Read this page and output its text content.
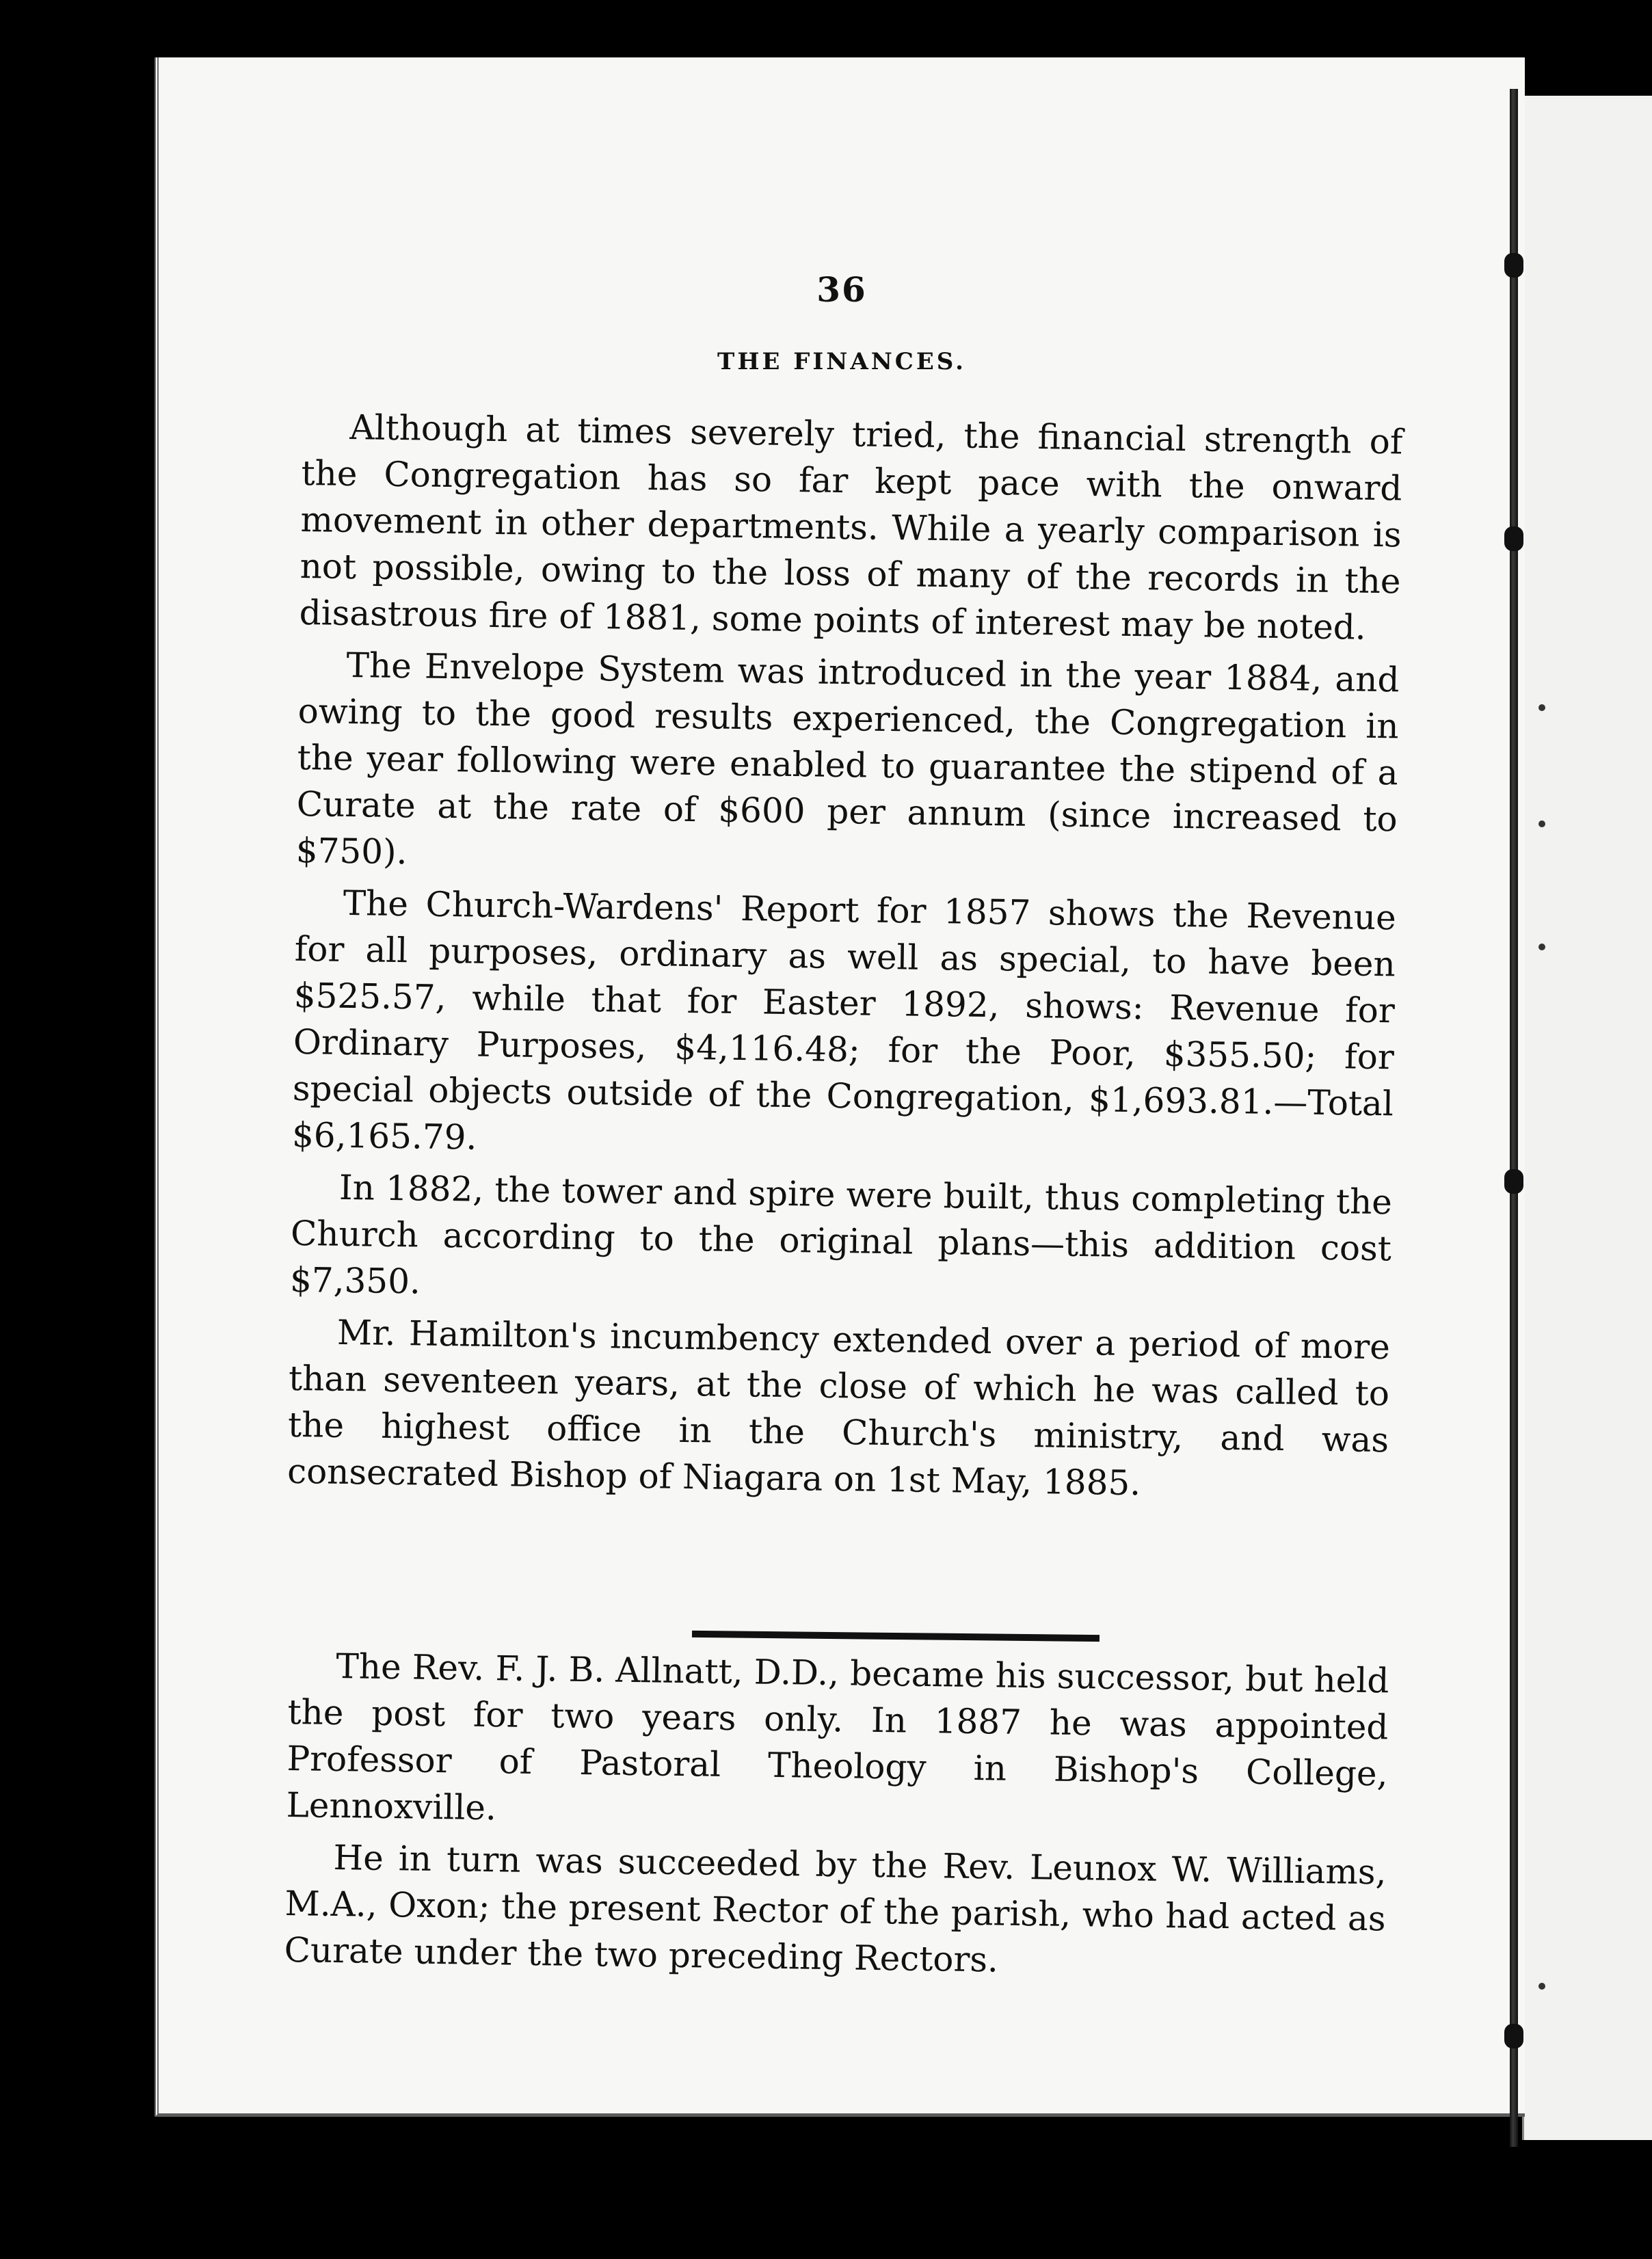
36
THE FINANCES.

Although at times severely tried, the financial strength of the Congregation has so far kept pace with the onward movement in other departments. While a yearly comparison is not possible, owing to the loss of many of the records in the disastrous fire of 1881, some points of interest may be noted.

The Envelope System was introduced in the year 1884, and owing to the good results experienced, the Congregation in the year following were enabled to guarantee the stipend of a Curate at the rate of $600 per annum (since increased to $750).

The Church-Wardens' Report for 1857 shows the Revenue for all purposes, ordinary as well as special, to have been $525.57, while that for Easter 1892, shows: Revenue for Ordinary Purposes, $4,116.48; for the Poor, $355.50; for special objects outside of the Congregation, $1,693.81.—Total $6,165.79.

In 1882, the tower and spire were built, thus completing the Church according to the original plans—this addition cost $7,350.

Mr. Hamilton's incumbency extended over a period of more than seventeen years, at the close of which he was called to the highest office in the Church's ministry, and was consecrated Bishop of Niagara on 1st May, 1885.

The Rev. F. J. B. Allnatt, D.D., became his successor, but held the post for two years only. In 1887 he was appointed Professor of Pastoral Theology in Bishop's College, Lennoxville.

He in turn was succeeded by the Rev. Leunox W. Williams, M.A., Oxon; the present Rector of the parish, who had acted as Curate under the two preceding Rectors.
